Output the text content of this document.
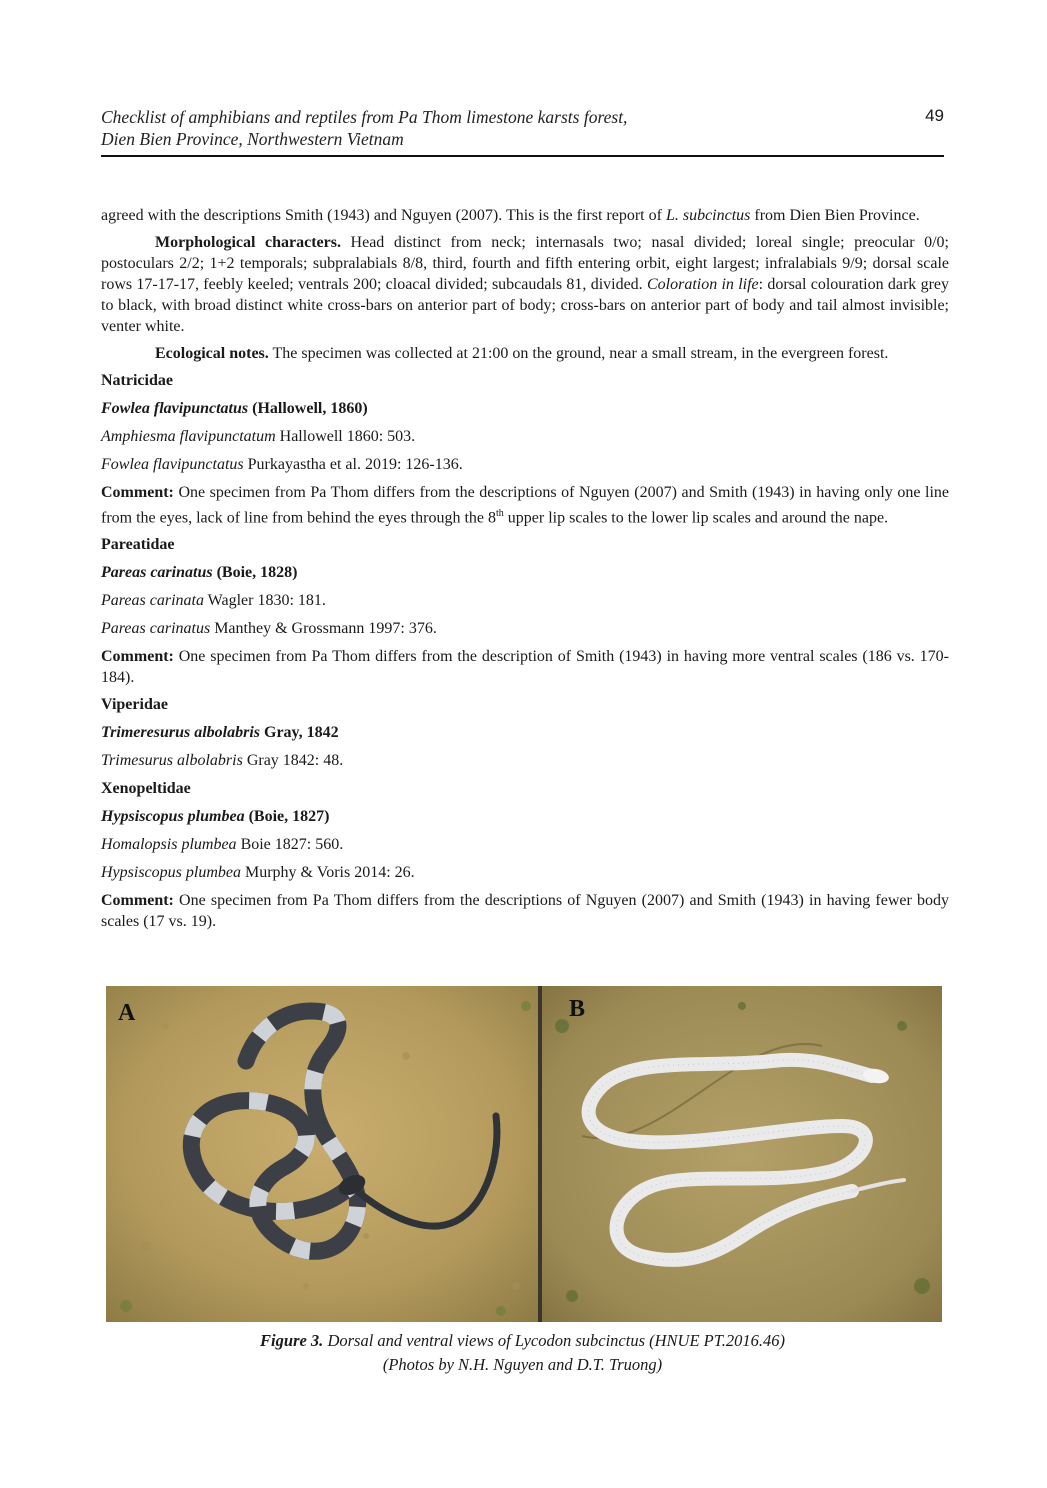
Checklist of amphibians and reptiles from Pa Thom limestone karsts forest,
Dien Bien Province, Northwestern Vietnam
49

agreed with the descriptions Smith (1943) and Nguyen (2007). This is the first report of L. subcinctus from Dien Bien Province.

Morphological characters. Head distinct from neck; internasals two; nasal divided; loreal single; preocular 0/0; postoculars 2/2; 1+2 temporals; subpralabials 8/8, third, fourth and fifth entering orbit, eight largest; infralabials 9/9; dorsal scale rows 17-17-17, feebly keeled; ventrals 200; cloacal divided; subcaudals 81, divided. Coloration in life: dorsal colouration dark grey to black, with broad distinct white cross-bars on anterior part of body; cross-bars on anterior part of body and tail almost invisible; venter white.

Ecological notes. The specimen was collected at 21:00 on the ground, near a small stream, in the evergreen forest.

Natricidae
Fowlea flavipunctatus (Hallowell, 1860)
Amphiesma flavipunctatum Hallowell 1860: 503.
Fowlea flavipunctatus Purkayastha et al. 2019: 126-136.

Comment: One specimen from Pa Thom differs from the descriptions of Nguyen (2007) and Smith (1943) in having only one line from the eyes, lack of line from behind the eyes through the 8th upper lip scales to the lower lip scales and around the nape.

Pareatidae
Pareas carinatus (Boie, 1828)
Pareas carinata Wagler 1830: 181.
Pareas carinatus Manthey & Grossmann 1997: 376.

Comment: One specimen from Pa Thom differs from the description of Smith (1943) in having more ventral scales (186 vs. 170-184).

Viperidae
Trimeresurus albolabris Gray, 1842
Trimesurus albolabris Gray 1842: 48.
Xenopeltidae
Hypsiscopus plumbea (Boie, 1827)
Homalopsis plumbea Boie 1827: 560.
Hypsiscopus plumbea Murphy & Voris 2014: 26.

Comment: One specimen from Pa Thom differs from the descriptions of Nguyen (2007) and Smith (1943) in having fewer body scales (17 vs. 19).

A	B
Figure 3. Dorsal and ventral views of Lycodon subcinctus (HNUE PT.2016.46)
(Photos by N.H. Nguyen and D.T. Truong)
